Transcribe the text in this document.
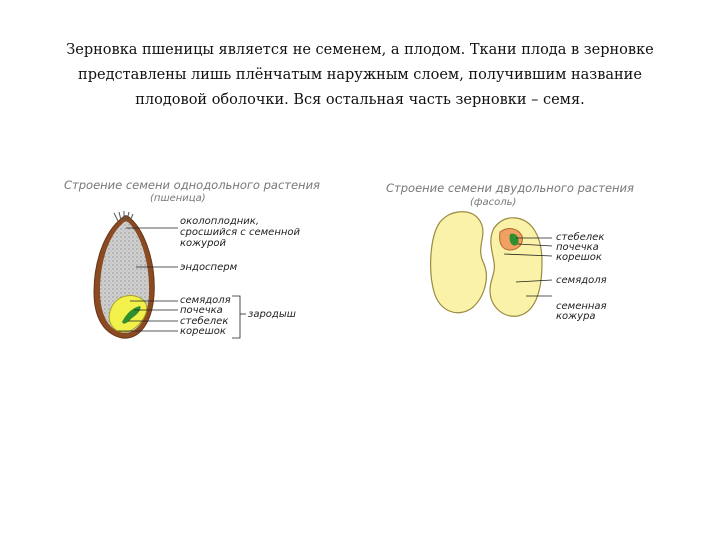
Зерновка пшеницы является не семенем, а плодом. Ткани плода в зерновке представлены лишь плёнчатым наружным слоем, получившим название плодовой оболочки. Вся остальная часть зерновки – семя.
Строение семени однодольного растения
(пшеница)
околоплодник,
сросшийся с семенной
кожурой
эндосперм
семядоля
почечка
стебелек
корешок
зародыш
Строение семени двудольного растения
(фасоль)
стебелек
почечка
корешок
семядоля
семенная
кожура
